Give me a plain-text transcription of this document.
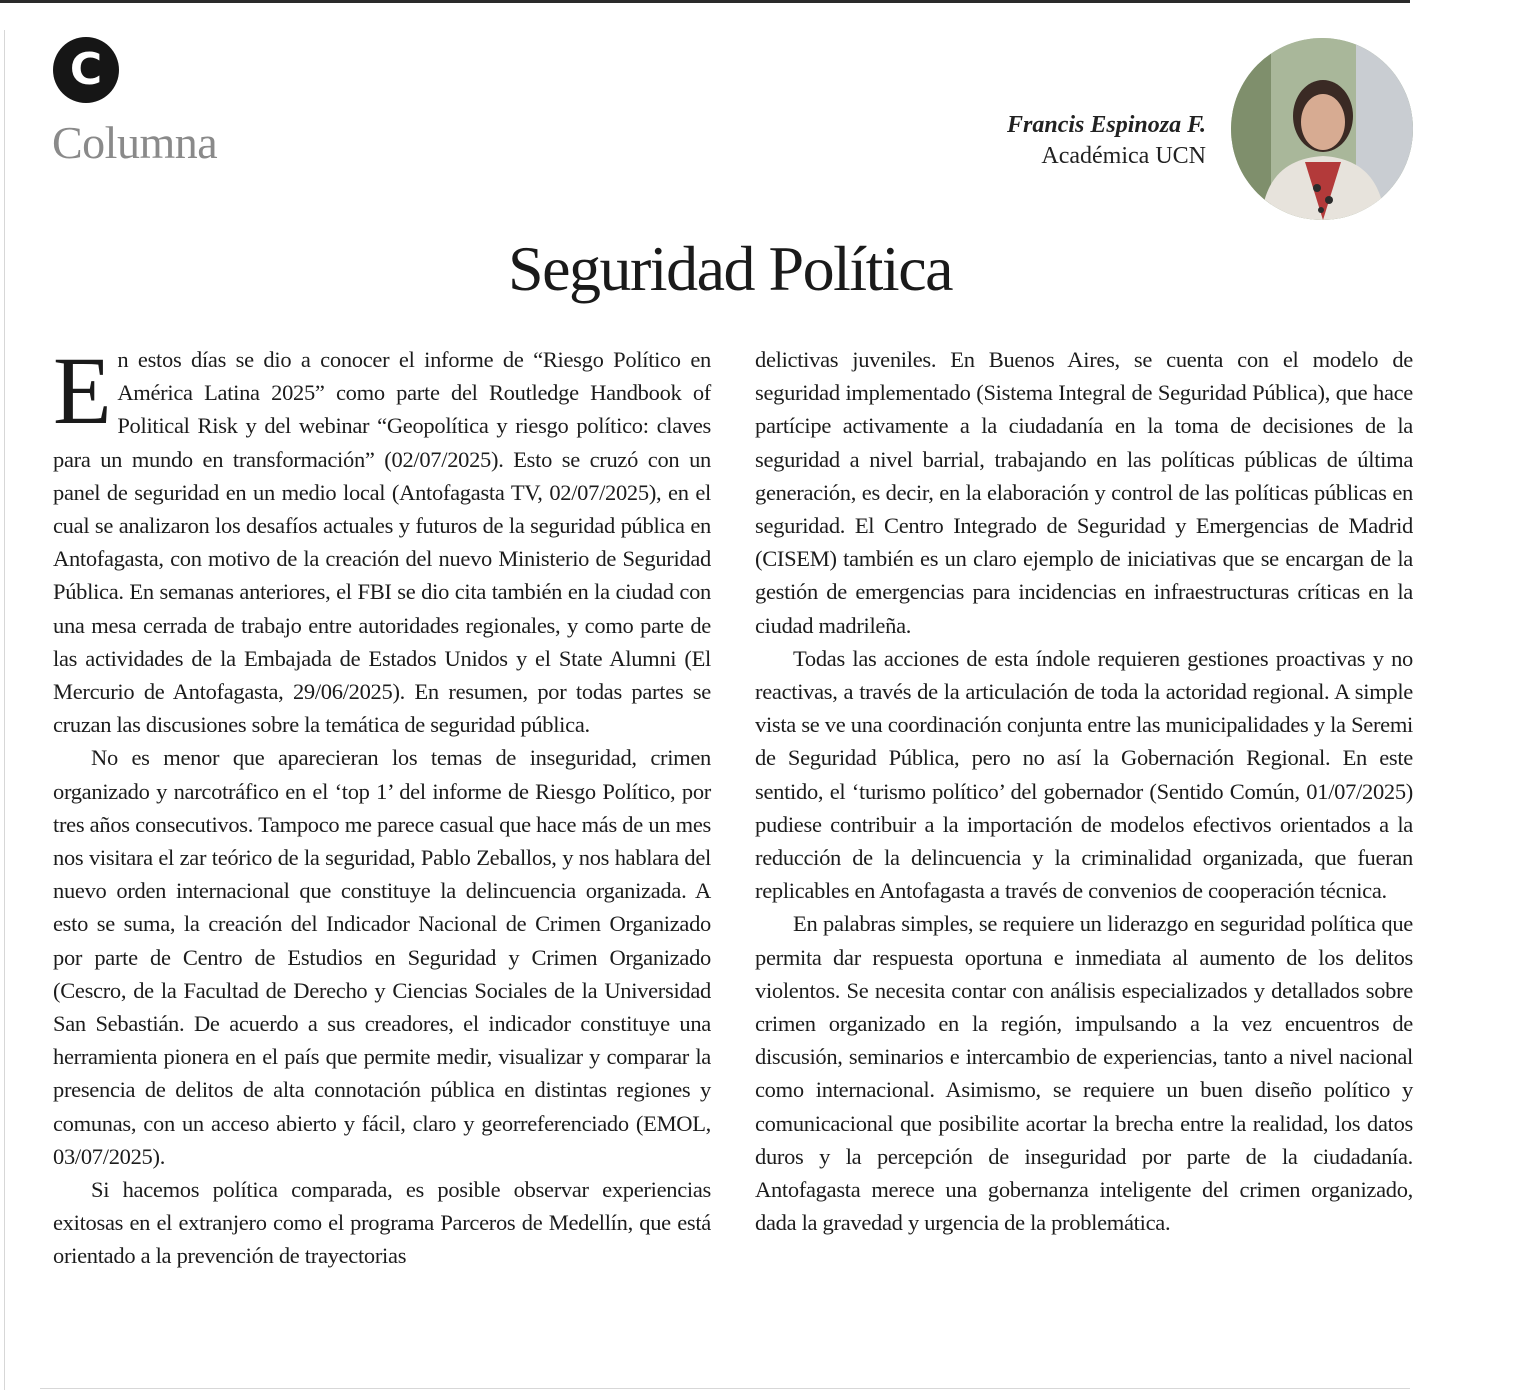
C
Columna	Francis Espinoza F.
Académica UCN
Seguridad Política

En estos días se dio a conocer el informe de “Riesgo Político en América Latina 2025” como parte del Routledge Handbook of Political Risk y del webinar “Geopolítica y riesgo político: claves para un mundo en transformación” (02/07/2025). Esto se cruzó con un panel de seguridad en un medio local (Antofagasta TV, 02/07/2025), en el cual se analizaron los desafíos actuales y futuros de la seguridad pública en Antofagasta, con motivo de la creación del nuevo Ministerio de Seguridad Pública. En semanas anteriores, el FBI se dio cita también en la ciudad con una mesa cerrada de trabajo entre autoridades regionales, y como parte de las actividades de la Embajada de Estados Unidos y el State Alumni (El Mercurio de Antofagasta, 29/06/2025). En resumen, por todas partes se cruzan las discusiones sobre la temática de seguridad pública.

No es menor que aparecieran los temas de inseguridad, crimen organizado y narcotráfico en el ‘top 1’ del informe de Riesgo Político, por tres años consecutivos. Tampoco me parece casual que hace más de un mes nos visitara el zar teórico de la seguridad, Pablo Zeballos, y nos hablara del nuevo orden internacional que constituye la delincuencia organizada. A esto se suma, la creación del Indicador Nacional de Crimen Organizado por parte de Centro de Estudios en Seguridad y Crimen Organizado (Cescro, de la Facultad de Derecho y Ciencias Sociales de la Universidad San Sebastián. De acuerdo a sus creadores, el indicador constituye una herramienta pionera en el país que permite medir, visualizar y comparar la presencia de delitos de alta connotación pública en distintas regiones y comunas, con un acceso abierto y fácil, claro y georreferenciado (EMOL, 03/07/2025).

Si hacemos política comparada, es posible observar experiencias exitosas en el extranjero como el programa Parceros de Medellín, que está orientado a la prevención de trayectorias

delictivas juveniles. En Buenos Aires, se cuenta con el modelo de seguridad implementado (Sistema Integral de Seguridad Pública), que hace partícipe activamente a la ciudadanía en la toma de decisiones de la seguridad a nivel barrial, trabajando en las políticas públicas de última generación, es decir, en la elaboración y control de las políticas públicas en seguridad. El Centro Integrado de Seguridad y Emergencias de Madrid (CISEM) también es un claro ejemplo de iniciativas que se encargan de la gestión de emergencias para incidencias en infraestructuras críticas en la ciudad madrileña.

Todas las acciones de esta índole requieren gestiones proactivas y no reactivas, a través de la articulación de toda la actoridad regional. A simple vista se ve una coordinación conjunta entre las municipalidades y la Seremi de Seguridad Pública, pero no así la Gobernación Regional. En este sentido, el ‘turismo político’ del gobernador (Sentido Común, 01/07/2025) pudiese contribuir a la importación de modelos efectivos orientados a la reducción de la delincuencia y la criminalidad organizada, que fueran replicables en Antofagasta a través de convenios de cooperación técnica.

En palabras simples, se requiere un liderazgo en seguridad política que permita dar respuesta oportuna e inmediata al aumento de los delitos violentos. Se necesita contar con análisis especializados y detallados sobre crimen organizado en la región, impulsando a la vez encuentros de discusión, seminarios e intercambio de experiencias, tanto a nivel nacional como internacional. Asimismo, se requiere un buen diseño político y comunicacional que posibilite acortar la brecha entre la realidad, los datos duros y la percepción de inseguridad por parte de la ciudadanía. Antofagasta merece una gobernanza inteligente del crimen organizado, dada la gravedad y urgencia de la problemática.
